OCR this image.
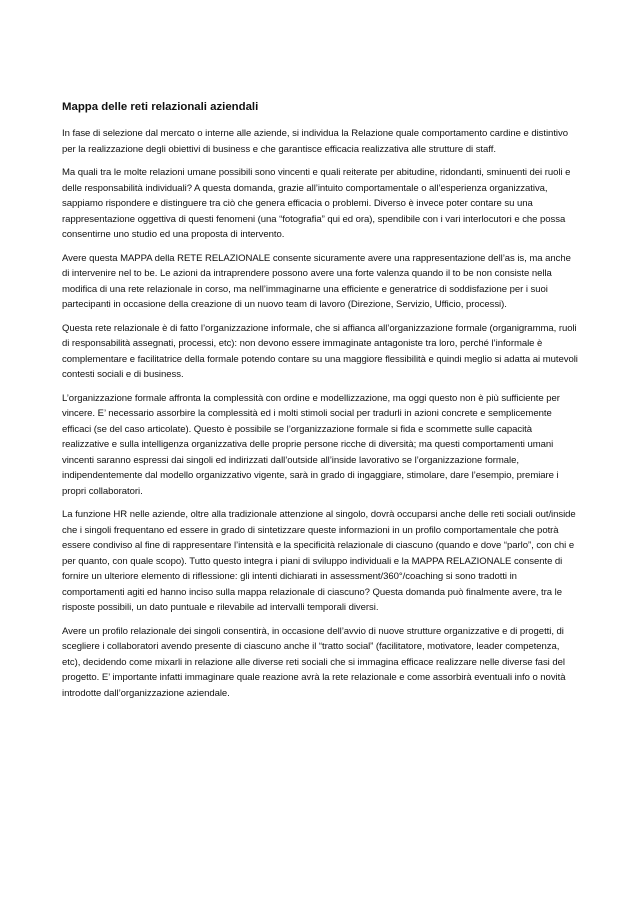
Mappa delle reti relazionali aziendali

In fase di selezione dal mercato o interne alle aziende, si individua la Relazione quale comportamento cardine e distintivo per la realizzazione degli obiettivi di business e che garantisce efficacia realizzativa alle strutture di staff.

Ma quali tra le molte relazioni umane possibili sono vincenti e quali reiterate per abitudine, ridondanti, sminuenti dei ruoli e delle responsabilità individuali? A questa domanda, grazie all’intuito comportamentale o all’esperienza organizzativa, sappiamo rispondere e distinguere tra ciò che genera efficacia o problemi. Diverso è invece poter contare su una rappresentazione oggettiva di questi fenomeni (una “fotografia” qui ed ora), spendibile con i vari interlocutori e che possa consentirne uno studio ed una proposta di intervento.

Avere questa MAPPA della RETE RELAZIONALE consente sicuramente avere una rappresentazione dell’as is, ma anche di intervenire nel to be. Le azioni da intraprendere possono avere una forte valenza quando il to be non consiste nella modifica di una rete relazionale in corso, ma nell’immaginarne una efficiente e generatrice di soddisfazione per i suoi partecipanti in occasione della creazione di un nuovo team di lavoro (Direzione, Servizio, Ufficio, processi).

Questa rete relazionale è di fatto l’organizzazione informale, che si affianca all’organizzazione formale (organigramma, ruoli di responsabilità assegnati, processi, etc): non devono essere immaginate antagoniste tra loro, perché l’informale è complementare e facilitatrice della formale potendo contare su una maggiore flessibilità e quindi meglio si adatta ai mutevoli contesti sociali e di business.

L’organizzazione formale affronta la complessità con ordine e modellizzazione, ma oggi questo non è più sufficiente per vincere. E’ necessario assorbire la complessità ed i molti stimoli social per tradurli in azioni concrete e semplicemente efficaci (se del caso articolate). Questo è possibile se l’organizzazione formale si fida e scommette sulle capacità realizzative e sulla intelligenza organizzativa delle proprie persone ricche di diversità; ma questi comportamenti umani vincenti saranno espressi dai singoli ed indirizzati dall’outside all’inside lavorativo se l’organizzazione formale, indipendentemente dal modello organizzativo vigente, sarà in grado di ingaggiare, stimolare, dare l’esempio, premiare i propri collaboratori.

La funzione HR nelle aziende, oltre alla tradizionale attenzione al singolo, dovrà occuparsi anche delle reti sociali out/inside che i singoli frequentano ed essere in grado di sintetizzare queste informazioni in un profilo comportamentale che potrà essere condiviso al fine di rappresentare l’intensità e la specificità relazionale di ciascuno (quando e dove “parlo”, con chi e per quanto, con quale scopo). Tutto questo integra i piani di sviluppo individuali e la MAPPA RELAZIONALE consente di fornire un ulteriore elemento di riflessione: gli intenti dichiarati in assessment/360°/coaching si sono tradotti in comportamenti agiti ed hanno inciso sulla mappa relazionale di ciascuno? Questa domanda può finalmente avere, tra le risposte possibili, un dato puntuale e rilevabile ad intervalli temporali diversi.

Avere un profilo relazionale dei singoli consentirà, in occasione dell’avvio di nuove strutture organizzative e di progetti, di scegliere i collaboratori avendo presente di ciascuno anche il “tratto social” (facilitatore, motivatore, leader competenza, etc), decidendo come mixarli in relazione alle diverse reti sociali che si immagina efficace realizzare nelle diverse fasi del progetto. E’ importante infatti immaginare quale reazione avrà la rete relazionale e come assorbirà eventuali info o novità introdotte dall’organizzazione aziendale.
